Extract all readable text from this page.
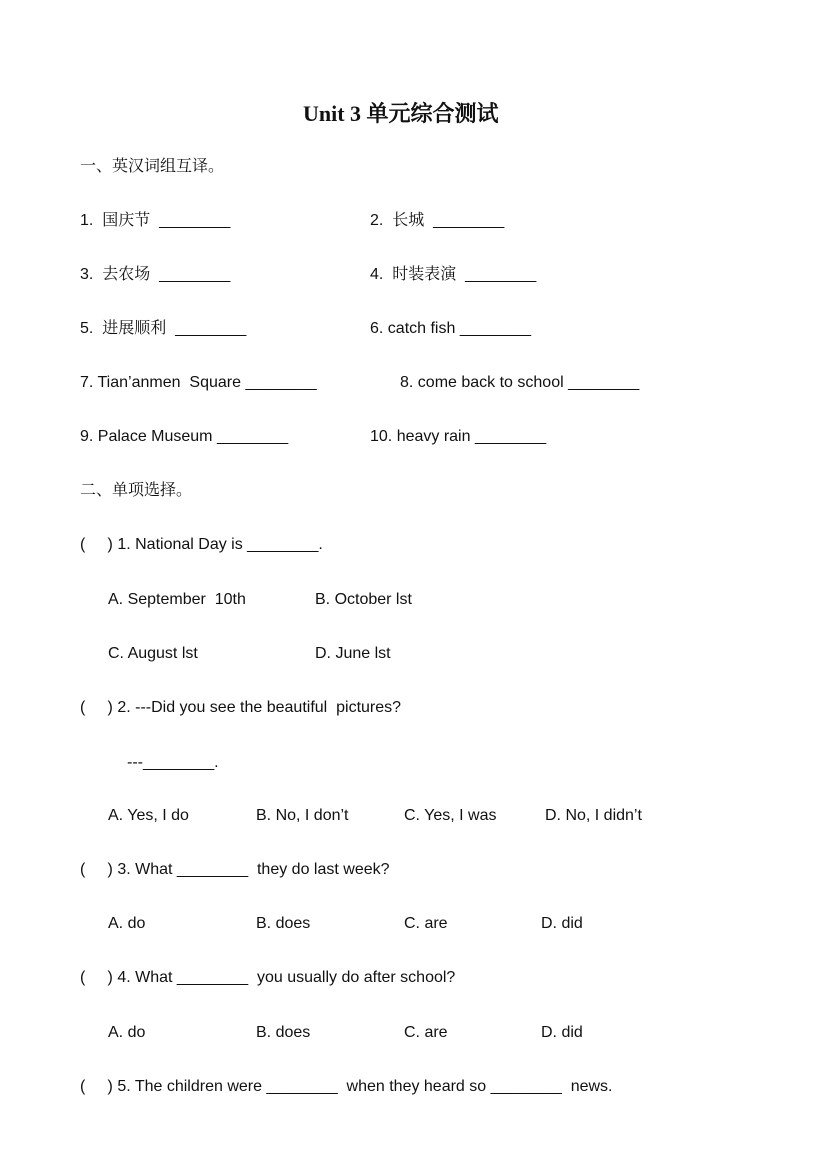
Unit 3 单元综合测试
一、英汉词组互译。
1.  国庆节  ________	2.  长城  ________
3.  去农场  ________	4.  时装表演  ________
5.  进展顺利  ________	6. catch fish ________
7. Tian’anmen  Square ________	8. come back to school ________
9. Palace Museum ________	10. heavy rain ________
二、单项选择。
(     ) 1. National Day is ________.
A. September  10th	B. October lst
C. August lst	D. June lst
(     ) 2. ---Did you see the beautiful  pictures?
---________.
A. Yes, I do	B. No, I don’t	C. Yes, I was	D. No, I didn’t
(     ) 3. What ________  they do last week?
A. do	B. does	C. are	D. did
(     ) 4. What ________  you usually do after school?
A. do	B. does	C. are	D. did
(     ) 5. The children were ________  when they heard so ________  news.
